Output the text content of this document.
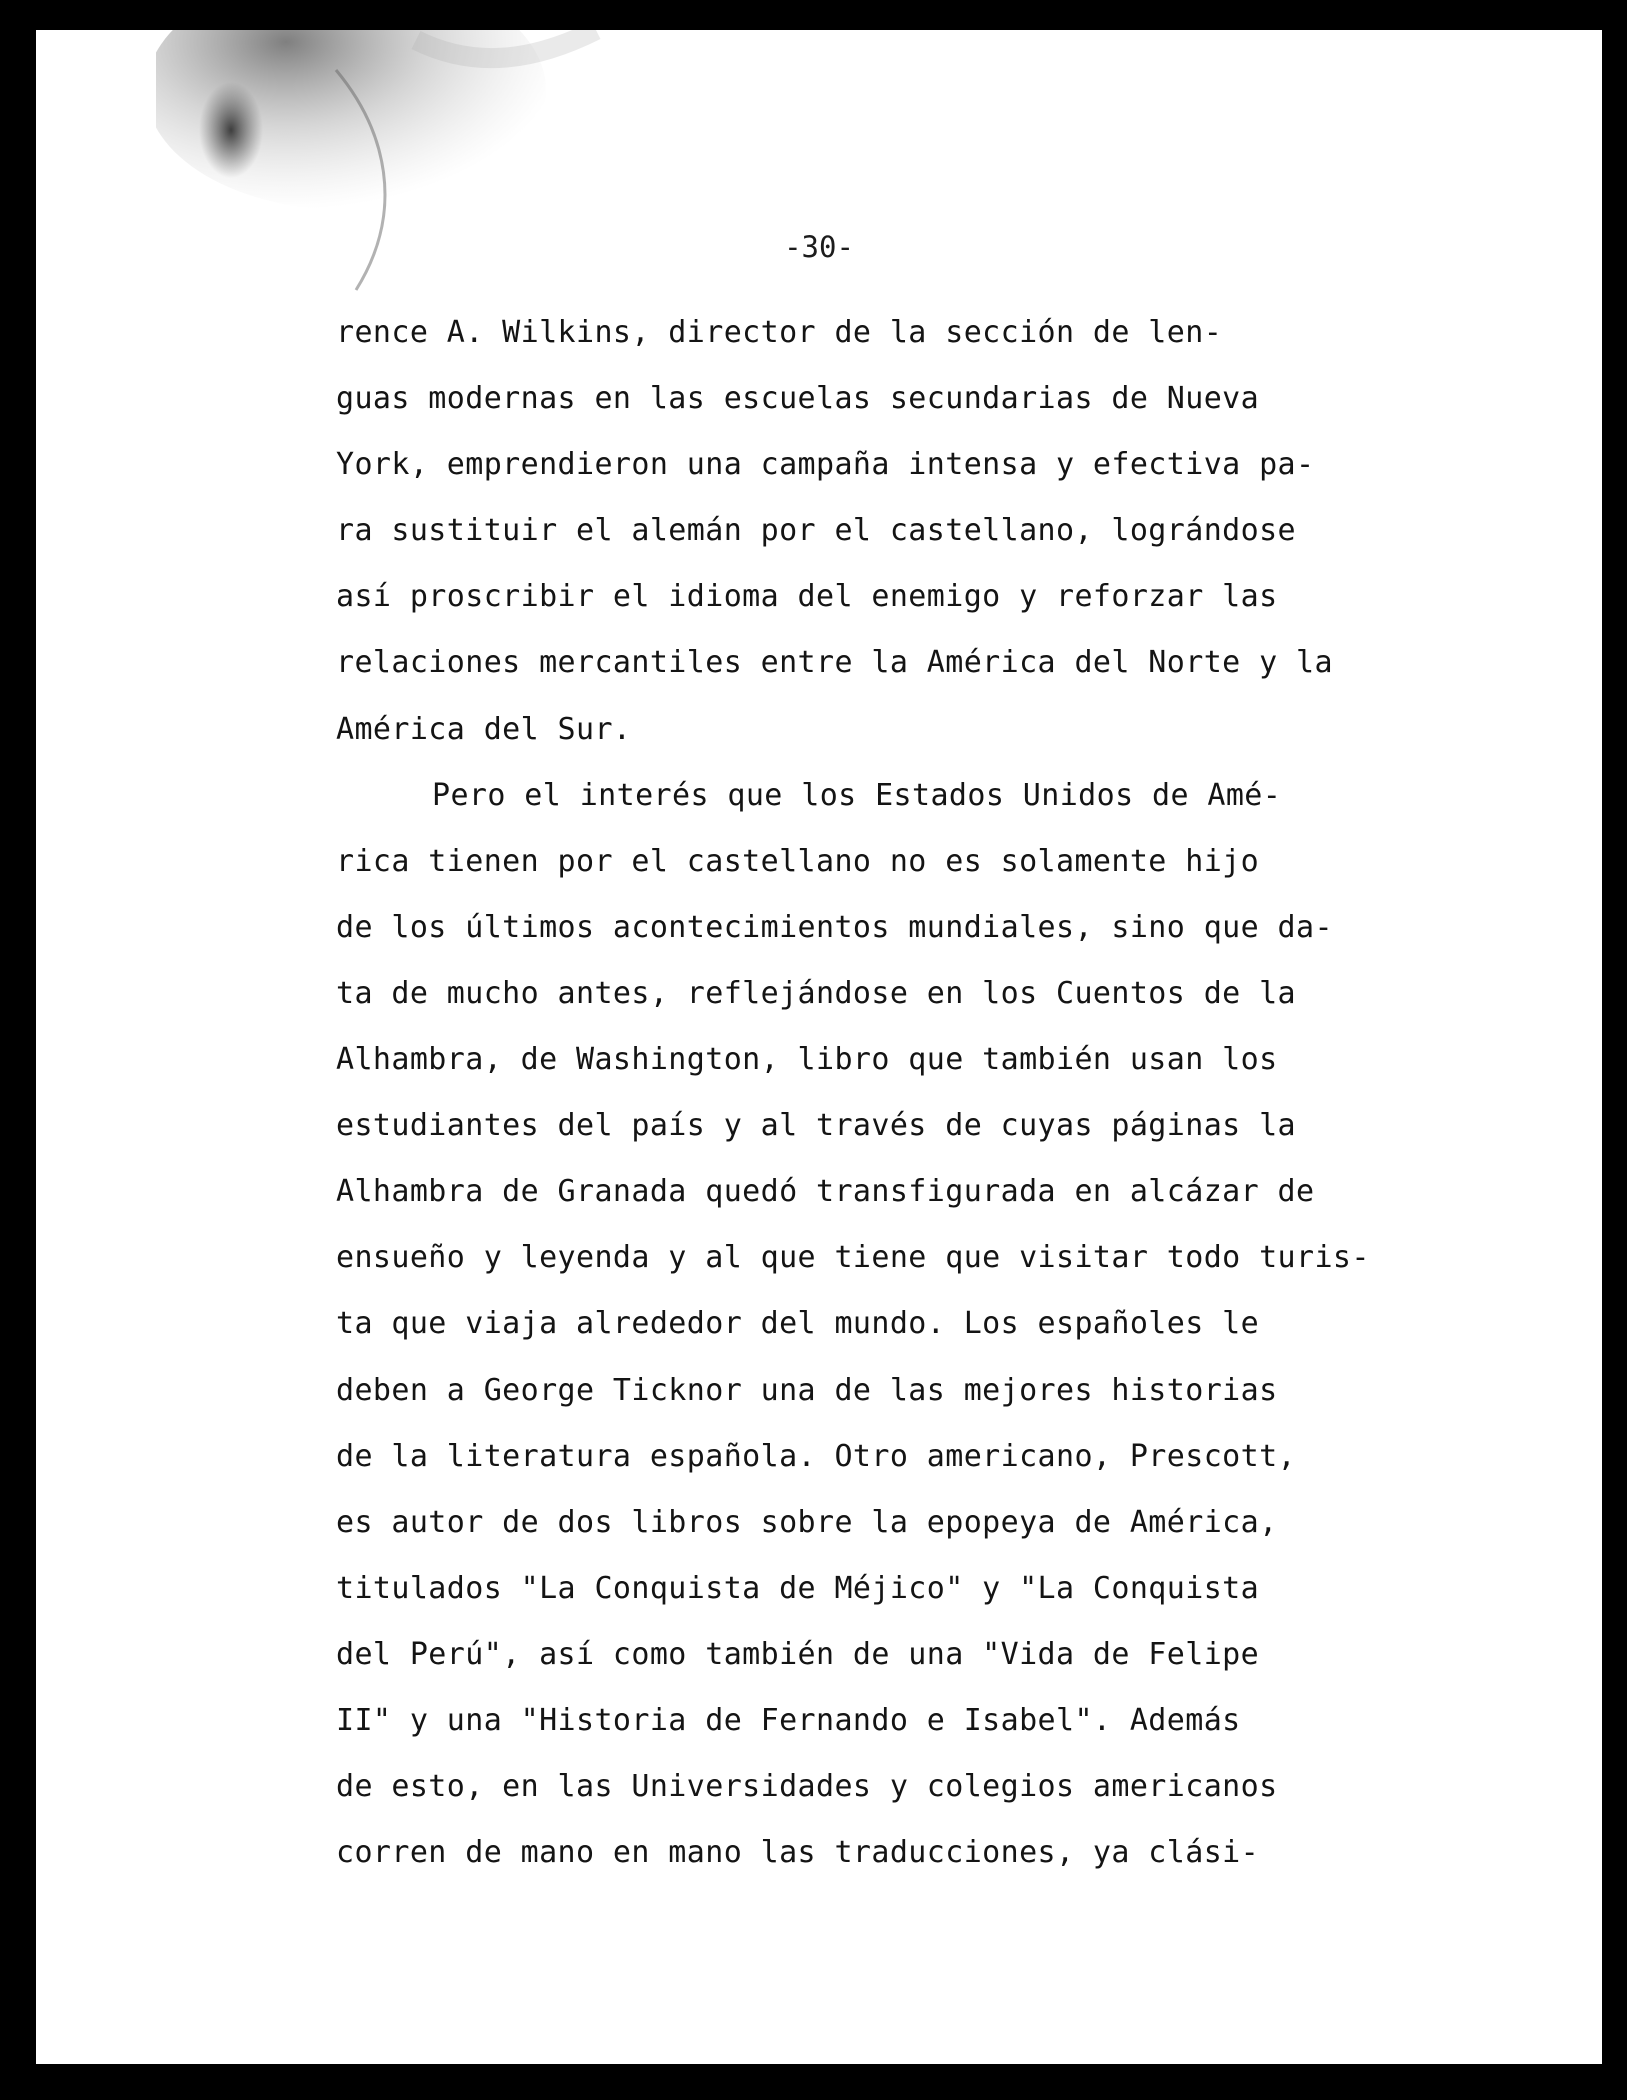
-30-

rence A. Wilkins, director de la sección de len-
guas modernas en las escuelas secundarias de Nueva
York, emprendieron una campaña intensa y efectiva pa-
ra sustituir el alemán por el castellano, lográndose
así proscribir el idioma del enemigo y reforzar las
relaciones mercantiles entre la América del Norte y la
América del Sur.
Pero el interés que los Estados Unidos de Amé-
rica tienen por el castellano no es solamente hijo
de los últimos acontecimientos mundiales, sino que da-
ta de mucho antes, reflejándose en los Cuentos de la
Alhambra, de Washington, libro que también usan los
estudiantes del país y al través de cuyas páginas la
Alhambra de Granada quedó transfigurada en alcázar de
ensueño y leyenda y al que tiene que visitar todo turis-
ta que viaja alrededor del mundo. Los españoles le
deben a George Ticknor una de las mejores historias
de la literatura española. Otro americano, Prescott,
es autor de dos libros sobre la epopeya de América,
titulados "La Conquista de Méjico" y "La Conquista
del Perú", así como también de una "Vida de Felipe
II" y una "Historia de Fernando e Isabel". Además
de esto, en las Universidades y colegios americanos
corren de mano en mano las traducciones, ya clási-
